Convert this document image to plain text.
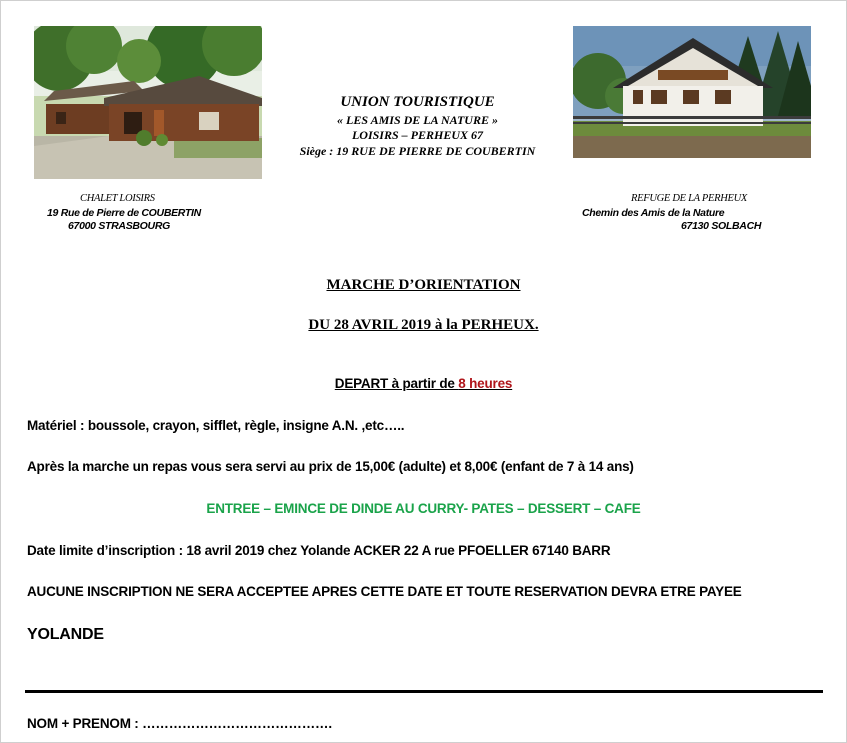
UNION TOURISTIQUE
« LES AMIS DE LA NATURE »
LOISIRS – PERHEUX 67
Siège : 19 RUE DE PIERRE DE COUBERTIN
CHALET LOISIRS
19 Rue de Pierre de COUBERTIN
67000 STRASBOURG
REFUGE DE LA PERHEUX
Chemin des Amis de la Nature
67130 SOLBACH
MARCHE D’ORIENTATION
DU 28 AVRIL 2019 à la PERHEUX.
DEPART à partir de 8 heures
Matériel : boussole, crayon, sifflet, règle, insigne A.N. ,etc…..
Après la marche un repas vous sera servi au prix de 15,00€ (adulte) et 8,00€ (enfant de 7 à 14 ans)
ENTREE – EMINCE DE DINDE AU CURRY- PATES – DESSERT – CAFE
Date limite d’inscription : 18 avril 2019 chez Yolande ACKER 22 A rue PFOELLER 67140 BARR
AUCUNE INSCRIPTION NE SERA ACCEPTEE APRES CETTE DATE ET TOUTE RESERVATION DEVRA ETRE PAYEE
YOLANDE
NOM + PRENOM : …………………………………….
